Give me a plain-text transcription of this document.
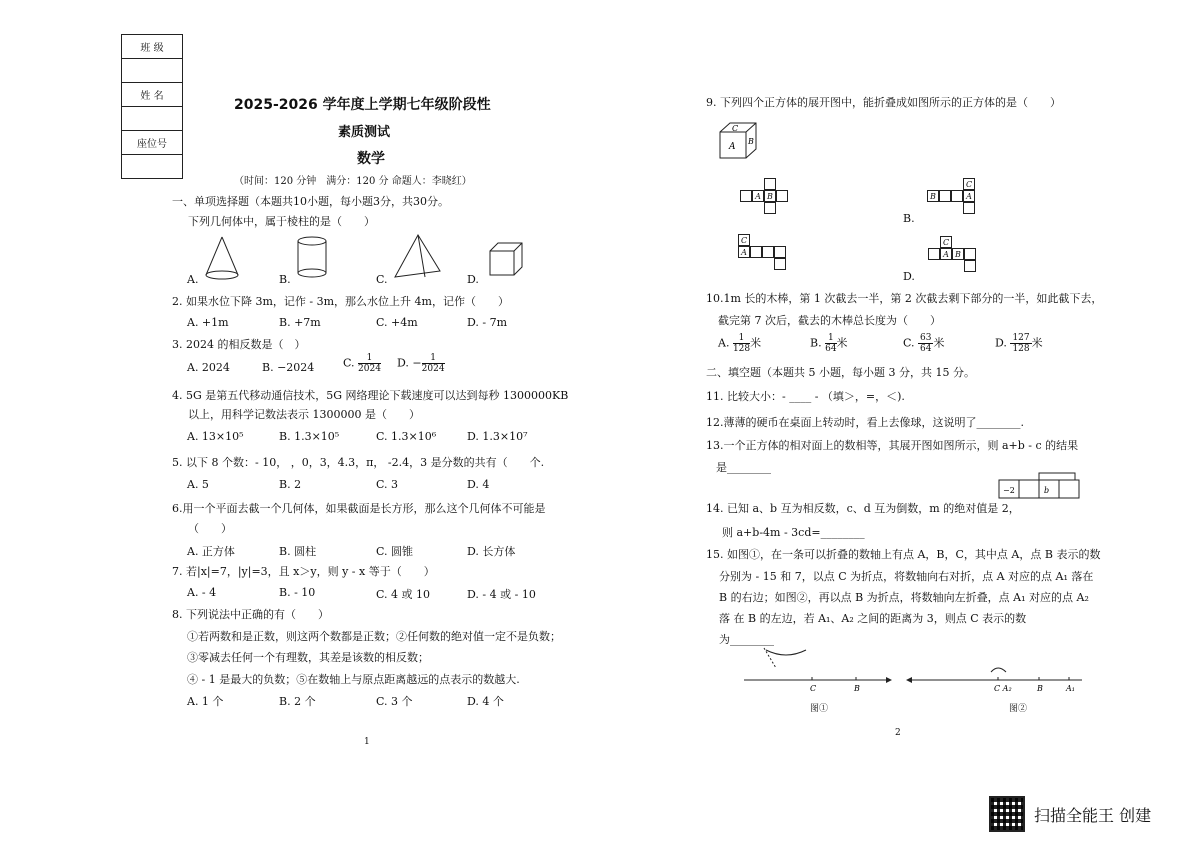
班 级

姓 名

座位号

2025-2026 学年度上学期七年级阶段性
素质测试
数学
（时间：120 分钟　满分：120 分 命题人：李晓红）
一、单项选择题（本题共10小题，每小题3分，共30分。
下列几何体中，属于棱柱的是（　　）
A.	B.	C.	D.
2. 如果水位下降 3m，记作 - 3m，那么水位上升 4m，记作（　　）
A. +1m	B. +7m	C. +4m	D. - 7m
3. 2024 的相反数是（　）
A. 2024	B. −2024	C. $\frac{1}{2024} D$. − $\frac{1}{2024}$
4. 5G 是第五代移动通信技术，5G 网络理论下载速度可以达到每秒 1300000KB
以上，用科学记数法表示 1300000 是（　　）
A. 13×10⁵	B. 1.3×10⁵	C. 1.3×10⁶	D. 1.3×10⁷
5. 以下 8 个数：- 10， ，0，3，4.3，π， -2.4，3 是分数的共有（　　个.
A. 5	B. 2	C. 3	D. 4
6.用一个平面去截一个几何体，如果截面是长方形，那么这个几何体不可能是
（　　）
A. 正方体	B. 圆柱	C. 圆锥	D. 长方体
7. 若|x|=7，|y|=3，且 x＞y，则 y - x 等于（　　）
A. - 4	B. - 10	C. 4 或 10	D. - 4 或 - 10
8. 下列说法中正确的有（　　）
①若两数和是正数，则这两个数都是正数；②任何数的绝对值一定不是负数；
③零减去任何一个有理数，其差是该数的相反数；
④ - 1 是最大的负数；⑤在数轴上与原点距离越远的点表示的数越大.
A. 1 个	B. 2 个	C. 3 个	D. 4 个
1
9. 下列四个正方体的展开图中，能折叠成如图所示的正方体的是（　　）
C
A
B
A B	B	A
C
B.
C
A
C
A B
D.
10.1m 长的木棒，第 1 次截去一半，第 2 次截去剩下部分的一半，如此截下去，
截完第 7 次后，截去的木棒总长度为（　　）
A. $\frac{1}{128}$ 米	B. $\frac{1}{64}$ 米	C. $\frac{63}{64}$ 米	D. $\frac{127}{128}$ 米
二、填空题（本题共 5 小题，每小题 3 分，共 15 分。
11. 比较大小：- ____ - （填＞，=，＜).
12.薄薄的硬币在桌面上转动时，看上去像球，这说明了________.
13.一个正方体的相对面上的数相等，其展开图如图所示，则 a+b - c 的结果
是________
−2	b
14. 已知 a、b 互为相反数，c、d 互为倒数，m 的绝对值是 2，
则 a+b-4m - 3cd=________
15. 如图①，在一条可以折叠的数轴上有点 A，B，C，其中点 A，点 B 表示的数
分别为 - 15 和 7，以点 C 为折点，将数轴向右对折，点 A 对应的点 A₁ 落在
B 的右边；如图②，再以点 B 为折点，将数轴向左折叠，点 A₁ 对应的点 A₂
落 在 B 的左边，若 A₁、A₂ 之间的距离为 3，则点 C 表示的数
为________
C	B	C A₂	B	A₁
图①	图②
2
扫描全能王 创建
